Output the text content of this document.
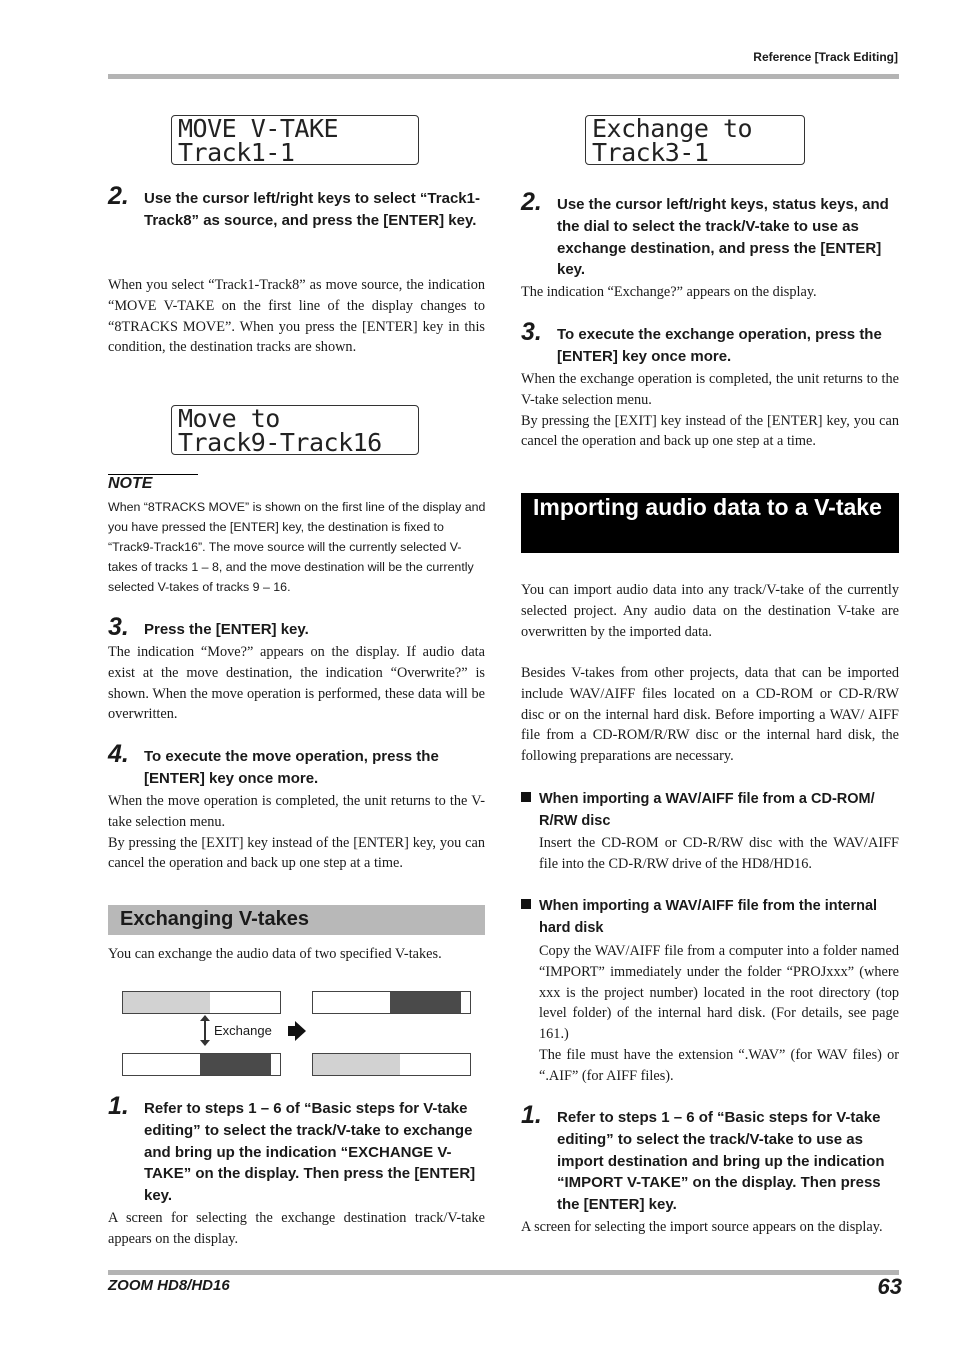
Reference [Track Editing]
MOVE V-TAKE
Track1-1
2. Use the cursor left/right keys to select “Track1-Track8” as source, and press the [ENTER] key.

When you select “Track1-Track8” as move source, the indication “MOVE V-TAKE on the first line of the display changes to “8TRACKS MOVE”. When you press the [ENTER] key in this condition, the destination tracks are shown.

Move to
Track9-Track16
NOTE
When “8TRACKS MOVE” is shown on the first line of the display and you have pressed the [ENTER] key, the destination is fixed to “Track9-Track16”. The move source will the currently selected V-takes of tracks 1 – 8, and the move destination will be the currently selected V-takes of tracks 9 – 16.
3. Press the [ENTER] key.

The indication “Move?” appears on the display. If audio data exist at the move destination, the indication “Overwrite?” is shown. When the move operation is performed, these data will be overwritten.

4. To execute the move operation, press the [ENTER] key once more.

When the move operation is completed, the unit returns to the V-take selection menu.

By pressing the [EXIT] key instead of the [ENTER] key, you can cancel the operation and back up one step at a time.

Exchanging V-takes

You can exchange the audio data of two specified V-takes.

Exchange
1. Refer to steps 1 – 6 of “Basic steps for V-take editing” to select the track/V-take to exchange and bring up the indication “EXCHANGE V-TAKE” on the display. Then press the [ENTER] key.

A screen for selecting the exchange destination track/V-take appears on the display.

Exchange to
Track3-1
2. Use the cursor left/right keys, status keys, and the dial to select the track/V-take to use as exchange destination, and press the [ENTER] key.

The indication “Exchange?” appears on the display.

3. To execute the exchange operation, press the [ENTER] key once more.

When the exchange operation is completed, the unit returns to the V-take selection menu.

By pressing the [EXIT] key instead of the [ENTER] key, you can cancel the operation and back up one step at a time.

Importing audio data to a V-take

You can import audio data into any track/V-take of the currently selected project. Any audio data on the destination V-take are overwritten by the imported data.

Besides V-takes from other projects, data that can be imported include WAV/AIFF files located on a CD-ROM or CD-R/RW disc or on the internal hard disk. Before importing a WAV/ AIFF file from a CD-ROM/R/RW disc or the internal hard disk, the following preparations are necessary.

When importing a WAV/AIFF file from a CD-ROM/
R/RW disc

Insert the CD-ROM or CD-R/RW disc with the WAV/AIFF file into the CD-R/RW drive of the HD8/HD16.

When importing a WAV/AIFF file from the internal
hard disk

Copy the WAV/AIFF file from a computer into a folder named “IMPORT” immediately under the folder “PROJxxx” (where xxx is the project number) located in the root directory (top level folder) of the internal hard disk. (For details, see page 161.)

The file must have the extension “.WAV” (for WAV files) or “.AIF” (for AIFF files).

1. Refer to steps 1 – 6 of “Basic steps for V-take editing” to select the track/V-take to use as import destination and bring up the indication “IMPORT V-TAKE” on the display. Then press the [ENTER] key.

A screen for selecting the import source appears on the display.

ZOOM HD8/HD16	63
